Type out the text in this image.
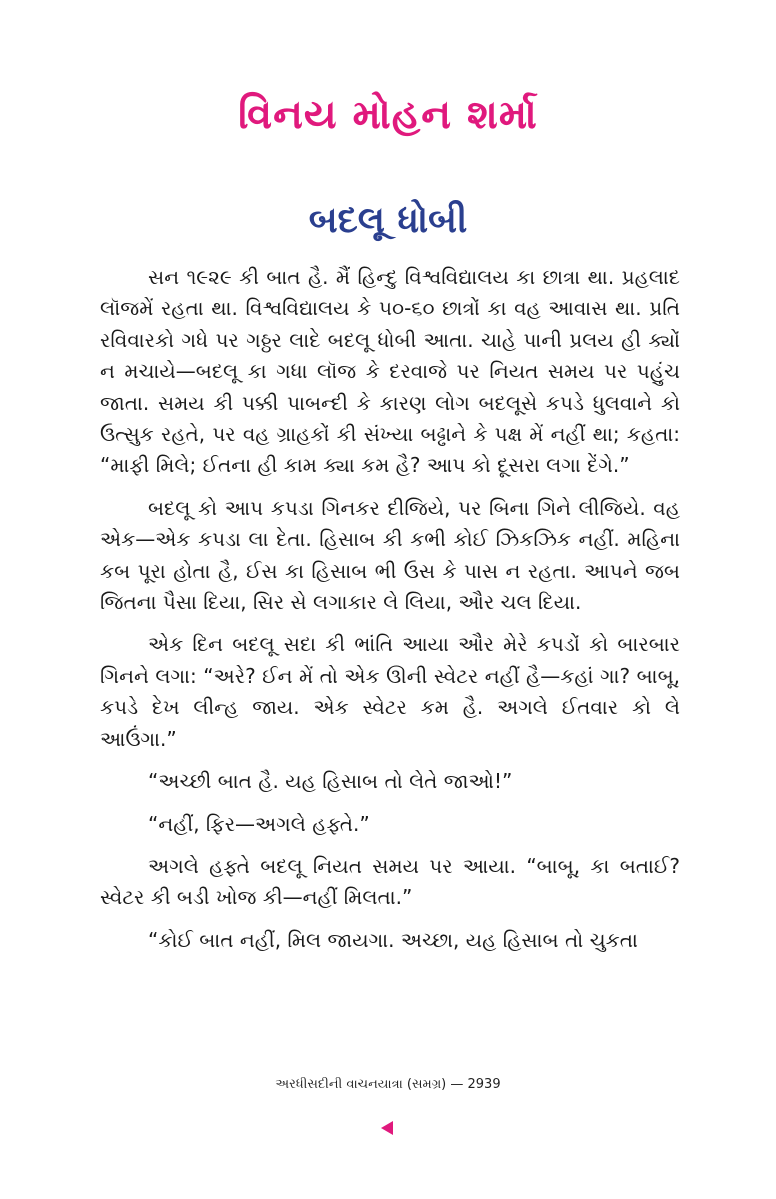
વિનય મોહન શર્મા
બદલૂ ધોબી

સન ૧૯૨૯ કી બાત હૈ. મૈં હિન્દુ વિશ્વવિદ્યાલય કા છાત્રા થા. પ્રહલાદ લૉજમેં રહતા થા. વિશ્વવિદ્યાલય કે ૫૦-૬૦ છાત્રોં કા વહ આવાસ થા. પ્રતિ રવિવારકો ગધે પર ગઠ્ઠર લાદે બદલૂ ધોબી આતા. ચાહે પાની પ્રલય હી ક્યોં ન મચાયે—બદલૂ કા ગધા લૉજ કે દરવાજે પર નિયત સમય પર પહુંચ જાતા. સમય કી પક્કી પાબન્દી કે કારણ લોગ બદલૂસે કપડે ધુલવાને કો ઉત્સુક રહતે, પર વહ ગ્રાહકોં કી સંખ્યા બઢ્ઢાને કે પક્ષ મેં નહીં થા; કહતા: “માફી મિલે; ઈતના હી કામ ક્યા કમ હૈ? આપ કો દૂસરા લગા દેંગે.”

બદલૂ કો આપ કપડા ગિનકર દીજિયે, પર બિના ગિને લીજિયે. વહ એક—એક કપડા લા દેતા. હિસાબ કી કભી કોઈ ઝિકઝિક નહીં. મહિના કબ પૂરા હોતા હૈ, ઈસ કા હિસાબ ભી ઉસ કે પાસ ન રહતા. આપને જબ જિતના પૈસા દિયા, સિર સે લગાકાર લે લિયા, ઔર ચલ દિયા.

એક દિન બદલૂ સદા કી ભાંતિ આયા ઔર મેરે કપડોં કો બારબાર ગિનને લગા: “અરે? ઈન મેં તો એક ઊની સ્વેટર નહીં હૈ—કહાં ગા? બાબૂ, કપડે દેખ લીન્હ જાય. એક સ્વેટર કમ હૈ. અગલે ઈતવાર કો લે આઉંગા.”

“અચ્છી બાત હૈ. યહ હિસાબ તો લેતે જાઓ!”

“નહીં, ફિર—અગલે હફ્તે.”

અગલે હફ્તે બદલૂ નિયત સમય પર આયા. “બાબૂ, કા બતાઈ? સ્વેટર કી બડી ખોજ કી—નહીં મિલતા.”

“કોઈ બાત નહીં, મિલ જાયગા. અચ્છા, યહ હિસાબ તો ચુકતા

અરધીસદીની વાચનયાત્રા (સમગ્ર) — 2939
